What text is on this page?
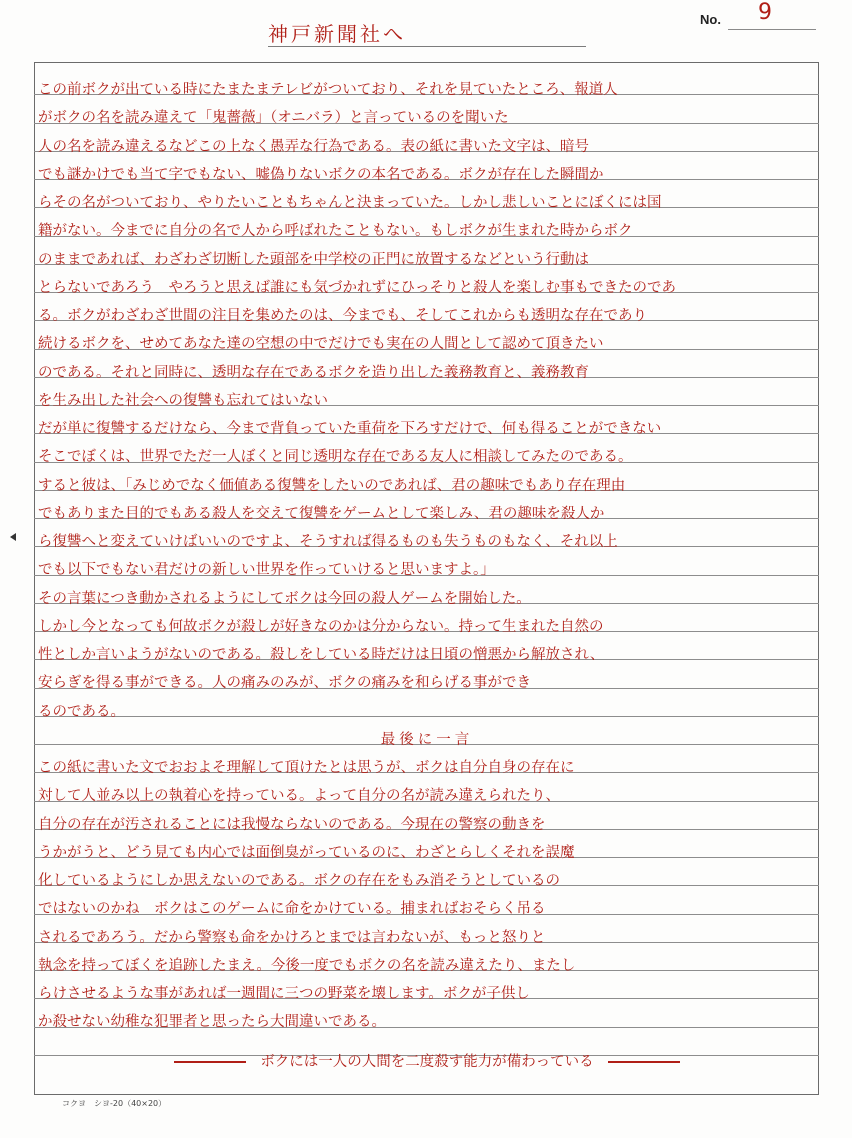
神戸新聞社へ
No. 9
この前ボクが出ている時にたまたまテレビがついており、それを見ていたところ、報道人
がボクの名を読み違えて「鬼薔薇」（オニバラ）と言っているのを聞いた
人の名を読み違えるなどこの上なく愚弄な行為である。表の紙に書いた文字は、暗号
でも謎かけでも当て字でもない、嘘偽りないボクの本名である。ボクが存在した瞬間か
らその名がついており、やりたいこともちゃんと決まっていた。しかし悲しいことにぼくには国
籍がない。今までに自分の名で人から呼ばれたこともない。もしボクが生まれた時からボク
のままであれば、わざわざ切断した頭部を中学校の正門に放置するなどという行動は
とらないであろう　やろうと思えば誰にも気づかれずにひっそりと殺人を楽しむ事もできたのであ
る。ボクがわざわざ世間の注目を集めたのは、今までも、そしてこれからも透明な存在であり
続けるボクを、せめてあなた達の空想の中でだけでも実在の人間として認めて頂きたい
のである。それと同時に、透明な存在であるボクを造り出した義務教育と、義務教育
を生み出した社会への復讐も忘れてはいない
だが単に復讐するだけなら、今まで背負っていた重荷を下ろすだけで、何も得ることができない
そこでぼくは、世界でただ一人ぼくと同じ透明な存在である友人に相談してみたのである。
すると彼は、「みじめでなく価値ある復讐をしたいのであれば、君の趣味でもあり存在理由
でもありまた目的でもある殺人を交えて復讐をゲームとして楽しみ、君の趣味を殺人か
ら復讐へと変えていけばいいのですよ、そうすれば得るものも失うものもなく、それ以上
でも以下でもない君だけの新しい世界を作っていけると思いますよ。」
その言葉につき動かされるようにしてボクは今回の殺人ゲームを開始した。
しかし今となっても何故ボクが殺しが好きなのかは分からない。持って生まれた自然の
性としか言いようがないのである。殺しをしている時だけは日頃の憎悪から解放され、
安らぎを得る事ができる。人の痛みのみが、ボクの痛みを和らげる事ができ
るのである。
最後に一言
この紙に書いた文でおおよそ理解して頂けたとは思うが、ボクは自分自身の存在に
対して人並み以上の執着心を持っている。よって自分の名が読み違えられたり、
自分の存在が汚されることには我慢ならないのである。今現在の警察の動きを
うかがうと、どう見ても内心では面倒臭がっているのに、わざとらしくそれを誤魔
化しているようにしか思えないのである。ボクの存在をもみ消そうとしているの
ではないのかね　ボクはこのゲームに命をかけている。捕まればおそらく吊る
されるであろう。だから警察も命をかけろとまでは言わないが、もっと怒りと
執念を持ってぼくを追跡したまえ。今後一度でもボクの名を読み違えたり、またし
らけさせるような事があれば一週間に三つの野菜を壊します。ボクが子供し
か殺せない幼稚な犯罪者と思ったら大間違いである。
ボクには一人の人間を二度殺す能力が備わっている
コクヨ　シヨ-20（40×20）
